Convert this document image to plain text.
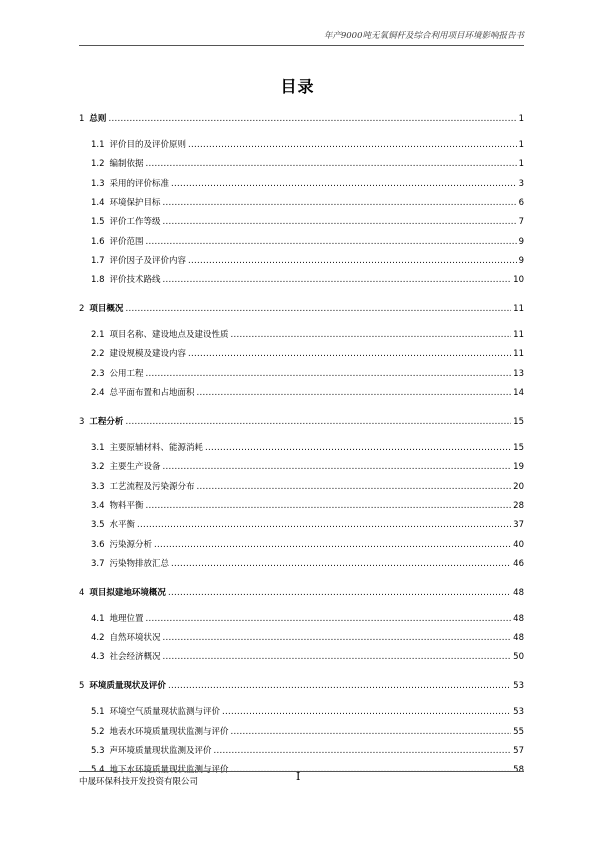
年产9000吨无氧铜杆及综合利用项目环境影响报告书
目录
1 总则 .....	1
1.1 评价目的及评价原则 .....	1
1.2 编制依据 .....	1
1.3 采用的评价标准 .....	3
1.4 环境保护目标 .....	6
1.5 评价工作等级 .....	7
1.6 评价范围 .....	9
1.7 评价因子及评价内容 .....	9
1.8 评价技术路线 .....	10
2 项目概况 .....	11
2.1 项目名称、建设地点及建设性质 .....	11
2.2 建设规模及建设内容 .....	11
2.3 公用工程 .....	13
2.4 总平面布置和占地面积 .....	14
3 工程分析 .....	15
3.1 主要原辅材料、能源消耗 .....	15
3.2 主要生产设备 .....	19
3.3 工艺流程及污染源分布 .....	20
3.4 物料平衡 .....	28
3.5 水平衡 .....	37
3.6 污染源分析 .....	40
3.7 污染物排放汇总 .....	46
4 项目拟建地环境概况 .....	48
4.1 地理位置 .....	48
4.2 自然环境状况 .....	48
4.3 社会经济概况 .....	50
5 环境质量现状及评价 .....	53
5.1 环境空气质量现状监测与评价 .....	53
5.2 地表水环境质量现状监测与评价 .....	55
5.3 声环境质量现状监测及评价 .....	57
5.4 地下水环境质量现状监测与评价 .....	58
中晟环保科技开发投资有限公司	I
